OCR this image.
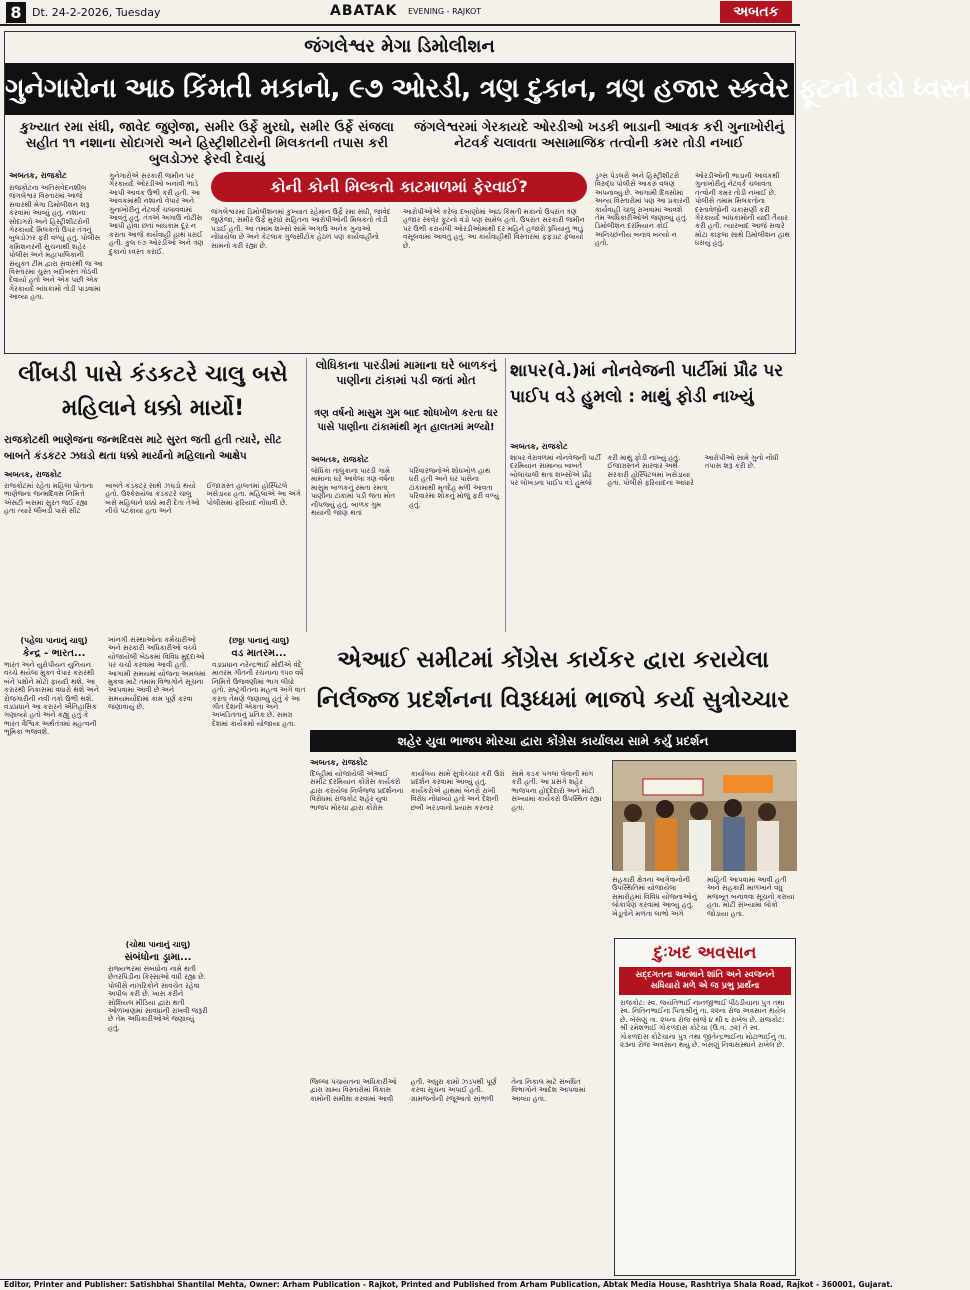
8 Dt. 24-2-2026, Tuesday	ABATAK EVENING - RAJKOT	અબતક
જંગલેશ્વર મેગા ડિમોલીશન
ગુનેગારોના આઠ કિંમતી મકાનો, ૯૭ ઓરડી, ત્રણ દુકાન, ત્રણ હજાર સ્કવેર ફૂટનો વંડો ધ્વસ્ત
કુખ્યાત રમા સંધી, જાવેદ જુણેજા, સમીર ઉર્ફે મુરઘો, સમીર ઉર્ફે સંજલા સહીત ૧૧ નશાના સોદાગરો અને હિસ્ટ્રીશીટરોની મિલકતની તપાસ કરી બુલડોઝર ફેરવી દેવાયું
જંગલેશ્વરમાં ગેરકાયદે ઓરડીઓ ખડકી ભાડાની આવક કરી ગુનાખોરીનું નેટવર્ક ચલાવતા અસામાજિક તત્વોની કમર તોડી નખાઈ
અબતક, રાજકોટ
રાજકોટના અતિસંવેદનશીલ જંગલેશ્વર વિસ્તારમાં આજે સવારથી મેગા ડિમોલીશન શરૂ કરવામાં આવ્યું હતું. નશાના સોદાગરો અને હિસ્ટ્રીશીટરોની ગેરકાયદે મિલકતો ઉપર તંત્રનું બુલડોઝર ફરી વળ્યું હતું. પોલીસ કમિશનરની સુચનાથી શહેર પોલીસ અને મહાપાલિકાની સંયુક્ત ટીમ દ્વારા સવારથી જ આ વિસ્તારમાં ચુસ્ત બંદોબસ્ત ગોઠવી દેવાયો હતો અને એક પછી એક ગેરકાયદે બાંધકામો તોડી પાડવામાં આવ્યા હતા.
ગુનેગારોએ સરકારી જમીન પર ગેરકાયદે ઓરડીઓ બનાવી ભાડે આપી આવક ઉભી કરી હતી. આ આવકમાંથી નશાનો વેપાર અને ગુનાખોરીનું નેટવર્ક ચલાવવામાં આવતું હતું. તંત્રએ અગાઉ નોટીસ આપી હોવા છતાં બાંધકામ દૂર ન કરાતા આજે કાર્યવાહી હાથ ધરાઈ હતી. કુલ ૯૭ ઓરડીઓ અને ત્રણ દુકાનો ધ્વસ્ત કરાઈ.
કોની કોની મિલ્કતો કાટમાળમાં ફેરવાઈ?
જંગલેશ્વરમાં ડિમોલીશનમાં કુખ્યાત રહેમાન ઉર્ફે રમા સંધી, જાવેદ જુણેજા, સમીર ઉર્ફે મુરઘો સહિતના આરોપીઓની મિલકતો તોડી પડાઈ હતી. આ તમામ શખ્સો સામે અગાઉ અનેક ગુનાઓ નોંધાયેલા છે અને કેટલાક ગુજસીટોક હેઠળ પણ કાર્યવાહીનો સામનો કરી રહ્યા છે.
આરોપીઓએ કરેલા દબાણોમાં આઠ કિંમતી મકાનો ઉપરાંત ત્રણ હજાર સ્કવેર ફૂટનો વંડો પણ સામેલ હતો. ઉપરાંત સરકારી જમીન પર ઉભી કરાયેલી ઓરડીઓમાંથી દર મહિને હજારો રૂપિયાનું ભાડું વસૂલવામાં આવતું હતું. આ કાર્યવાહીથી વિસ્તારમાં ફફડાટ ફેલાયો છે.
ડ્રગ્સ પેડલરો અને હિસ્ટ્રીશીટરો વિરુદ્ધ પોલીસે આકરું વલણ અપનાવ્યું છે. આગામી દિવસોમાં અન્ય વિસ્તારોમાં પણ આ પ્રકારની કાર્યવાહી ચાલુ રાખવામાં આવશે તેમ અધિકારીઓએ જણાવ્યું હતું. ડિમોલીશન દરમિયાન કોઈ અનિચ્છનીય બનાવ બન્યો ન હતો.
ઓરડીઓની ભાડાની આવકથી ગુનાખોરીનું નેટવર્ક ચલાવતા તત્વોની કમર તોડી નખાઈ છે. પોલીસે તમામ મિલકતોના દસ્તાવેજોની ચકાસણી કરી ગેરકાયદે બાંધકામોની યાદી તૈયાર કરી હતી. ત્યારબાદ આજે સવારે મોટા કાફલા સાથે ડિમોલીશન હાથ ધરાયું હતું.
લીંબડી પાસે કંડકટરે ચાલુ બસે મહિલાને ધક્કો માર્યો!
રાજકોટથી ભાણેજના જન્મદિવસ માટે સુરત જતી હતી ત્યારે, સીટ બાબતે કંડકટર ઝઘડો થતા ધક્કો માર્યાનો મહિલાનો આક્ષેપ
અબતક, રાજકોટ
રાજકોટમાં રહેતા મહિલા પોતાના ભાણેજના જન્મદિવસ નિમિત્તે એસટી બસમાં સુરત જઈ રહ્યા હતા ત્યારે લીંબડી પાસે સીટ બાબતે કંડકટર સાથે ઝઘડો થયો હતો. ઉશ્કેરાયેલા કંડકટરે ચાલુ બસે મહિલાને ધક્કો મારી દેતા તેઓ નીચે પટકાયા હતા અને ઈજાગ્રસ્ત હાલતમાં હોસ્પિટલે ખસેડાયા હતા. મહિલાએ આ અંગે પોલીસમાં ફરિયાદ નોંધાવી છે.
લોધિકાના પારડીમાં મામાના ઘરે બાળકનું પાણીના ટાંકામાં પડી જતાં મોત
ત્રણ વર્ષનો માસુમ ગુમ બાદ શોધખોળ કરતા ઘર પાસે પાણીના ટાંકામાંથી મૃત હાલતમાં મળ્યો!
અબતક, રાજકોટ
લોધિકા તાલુકાના પારડી ગામે મામાના ઘરે આવેલા ત્રણ વર્ષના માસુમ બાળકનું રમતા રમતા પાણીના ટાંકામાં પડી જતા મોત નીપજ્યું હતું. બાળક ગુમ થયાની જાણ થતાં પરિવારજનોએ શોધખોળ હાથ ધરી હતી અને ઘર પાસેના ટાંકામાંથી મૃતદેહ મળી આવતા પરિવારમાં શોકનું મોજું ફરી વળ્યું હતું.
શાપર(વે.)માં નોનવેજની પાર્ટીમાં પ્રૌઢ પર પાઈપ વડે હુમલો : માથું ફોડી નાખ્યું
અબતક, રાજકોટ
શાપર વેરાવળમાં નોનવેજની પાર્ટી દરમિયાન સામાન્ય બાબતે બોલાચાલી થતા શખ્સોએ પ્રૌઢ પર લોખંડના પાઈપ વડે હુમલો કરી માથું ફોડી નાખ્યું હતું. ઈજાગ્રસ્તને સારવાર અર્થે સરકારી હોસ્પિટલમાં ખસેડાયા હતા. પોલીસે ફરિયાદના આધારે આરોપીઓ સામે ગુનો નોંધી તપાસ શરૂ કરી છે.
(પહેલા પાનાનું ચાલુ)
કેન્દ્ર - ભારત...
ભારત અને યુરોપીયન યુનિયન વચ્ચે થયેલા મુક્ત વેપાર કરારથી બંને પક્ષોને મોટો ફાયદો થશે. આ કરારથી નિકાસમાં વધારો થશે અને રોજગારીની નવી તકો ઉભી થશે. વડાપ્રધાને આ કરારને ઐતિહાસિક ગણાવ્યો હતો અને કહ્યું હતું કે ભારત વૈશ્વિક અર્થતંત્રમાં મહત્વની ભૂમિકા ભજવશે.
ખાનગી સંસ્થાઓના કર્મચારીઓ અને સરકારી અધિકારીઓ વચ્ચે યોજાયેલી બેઠકમાં વિવિધ મુદ્દાઓ પર ચર્ચા કરવામાં આવી હતી. આગામી સમયમાં યોજના અમલમાં મુકવા માટે તમામ વિભાગોને સૂચના આપવામાં આવી છે અને સમયમર્યાદામાં કામ પૂર્ણ કરવા જણાવાયું છે.
(ચોથા પાનાનું ચાલુ)
સંબંધોના ડ્રામા...
રાજ્યભરમાં સંબંધોના નામે થતી છેતરપિંડીના કિસ્સાઓ વધી રહ્યા છે. પોલીસે નાગરિકોને સાવચેત રહેવા અપીલ કરી છે. ખાસ કરીને સોશિયલ મીડિયા દ્વારા થતી ઓળખાણમાં સાવધાની રાખવી જરૂરી છે તેમ અધિકારીઓએ જણાવ્યું હતું.
(છઠ્ઠા પાનાનું ચાલુ)
વડ માતરમ...
વડાપ્રધાન નરેન્દ્રભાઈ મોદીએ વંદે માતરમ ગીતની રચનાના ૧૫૦ વર્ષ નિમિત્તે ઉજવણીમાં ભાગ લીધો હતો. રાષ્ટ્રગીતના મહત્વ અંગે વાત કરતા તેમણે જણાવ્યું હતું કે આ ગીત દેશની એકતા અને અખંડિતતાનું પ્રતિક છે. સમગ્ર દેશમાં કાર્યક્રમો યોજાયા હતા.
એઆઈ સમીટમાં કોંગ્રેસ કાર્યકર દ્વારા કરાયેલા નિર્લજ્જ પ્રદર્શનના વિરૂધ્ધમાં ભાજપે કર્યા સુત્રોચ્ચાર
શહેર યુવા ભાજપ મોરચા દ્વારા કોંગ્રેસ કાર્યાલય સામે કર્યું પ્રદર્શન
અબતક, રાજકોટ
દિલ્હીમાં યોજાયેલી એઆઈ સમીટ દરમિયાન કોંગ્રેસ કાર્યકરો દ્વારા કરાયેલા નિર્લજ્જ પ્રદર્શનના વિરોધમાં રાજકોટ શહેર યુવા ભાજપ મોરચા દ્વારા કોંગ્રેસ કાર્યાલય સામે સુત્રોચ્ચાર કરી ઉગ્ર પ્રદર્શન કરવામાં આવ્યું હતું. કાર્યકરોએ હાથમાં બેનરો રાખી વિરોધ નોંધાવ્યો હતો અને દેશની છબી ખરડવાનો પ્રયાસ કરનાર સામે કડક પગલાં લેવાની માંગ કરી હતી. આ પ્રસંગે શહેર ભાજપના હોદ્દેદારો અને મોટી સંખ્યામાં કાર્યકરો ઉપસ્થિત રહ્યા હતા.
સહકારી ક્ષેત્રના આગેવાનોની ઉપસ્થિતિમાં યોજાયેલા સમારોહમાં વિવિધ યોજનાઓનું લોકાર્પણ કરવામાં આવ્યું હતું. ખેડૂતોને મળતા લાભો અંગે માહિતી આપવામાં આવી હતી અને સહકારી માળખાને વધુ મજબૂત બનાવવા સૂચનો કરાયા હતા. મોટી સંખ્યામાં લોકો જોડાયા હતા.
દુઃખદ અવસાન
સદ્દગતના આત્માને શાંતિ અને સ્વજનને સધિયારો મળે એ જ પ્રભુ પ્રાર્થના
રાજકોટ: સ્વ. જયંતિભાઈ નાનજીભાઈ પીઠડીયાના પુત્ર તથા સ્વ. નિતિનભાઈના પિતાશ્રીનું તા. ૨૨ના રોજ અવસાન થયેલ છે. બેસણું તા. ૨૫ના રોજ સાંજે ૪ થી ૬ રાખેલ છે. રાજકોટ: શ્રી રમેશભાઈ ગોકળદાસ કોટેચા (ઉ.વ. ૭૨) તે સ્વ. ગોકળદાસ કોટેચાના પુત્ર તથા જીતેન્દ્રભાઈના મોટાભાઈનું તા. ૨૩ના રોજ અવસાન થયું છે. બેસણું નિવાસસ્થાને રાખેલ છે.
જિલ્લા પંચાયતના અધિકારીઓ દ્વારા ગ્રામ્ય વિસ્તારોમાં વિકાસ કામોની સમીક્ષા કરવામાં આવી હતી. અધુરા કામો ઝડપથી પૂર્ણ કરવા સૂચના અપાઈ હતી. ગ્રામજનોની રજૂઆતો સાંભળી તેના નિકાલ માટે સંબંધિત વિભાગોને આદેશ આપવામાં આવ્યા હતા.
Editor, Printer and Publisher: Satishbhai Shantilal Mehta, Owner: Arham Publication - Rajkot, Printed and Published from Arham Publication, Abtak Media House, Rashtriya Shala Road, Rajkot - 360001, Gujarat.
